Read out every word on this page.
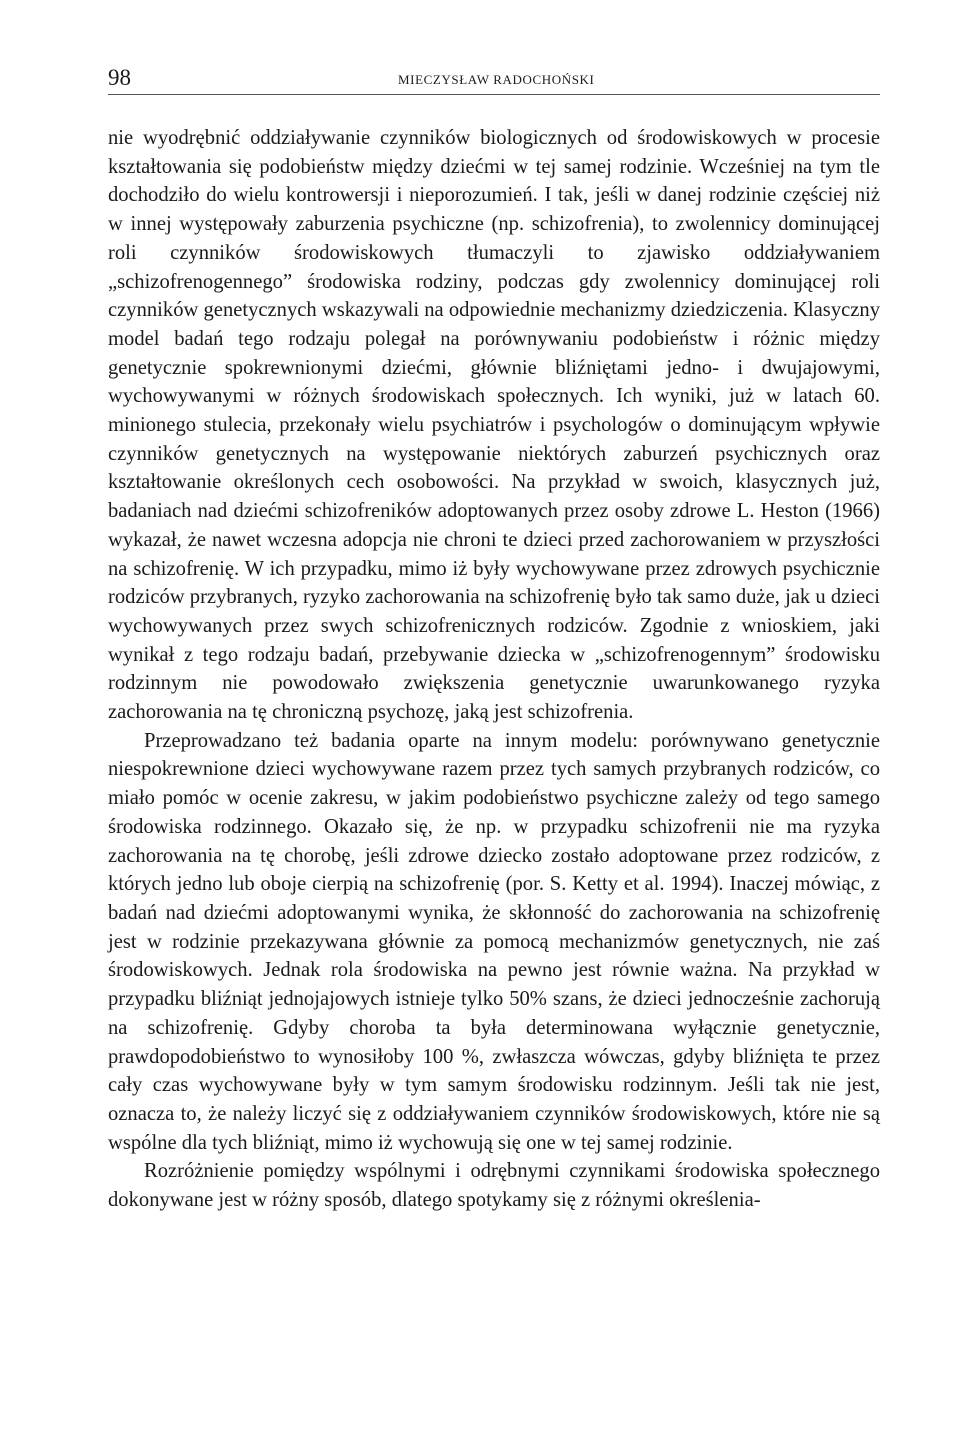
98	MIECZYSŁAW RADOCHOŃSKI

nie wyodrębnić oddziaływanie czynników biologicznych od środowiskowych w procesie kształtowania się podobieństw między dziećmi w tej samej rodzinie. Wcześniej na tym tle dochodziło do wielu kontrowersji i nieporozumień. I tak, jeśli w danej rodzinie częściej niż w innej występowały zaburzenia psychiczne (np. schizofrenia), to zwolennicy dominującej roli czynników środowiskowych tłumaczyli to zjawisko oddziaływaniem „schizofrenogennego” środowiska rodziny, podczas gdy zwolennicy dominującej roli czynników genetycznych wskazywali na odpowiednie mechanizmy dziedziczenia. Klasyczny model badań tego rodzaju polegał na porównywaniu podobieństw i różnic między genetycznie spokrewnionymi dziećmi, głównie bliźniętami jedno- i dwujajowymi, wychowywanymi w różnych środowiskach społecznych. Ich wyniki, już w latach 60. minionego stulecia, przekonały wielu psychiatrów i psychologów o dominującym wpływie czynników genetycznych na występowanie niektórych zaburzeń psychicznych oraz kształtowanie określonych cech osobowości. Na przykład w swoich, klasycznych już, badaniach nad dziećmi schizofreników adoptowanych przez osoby zdrowe L. Heston (1966) wykazał, że nawet wczesna adopcja nie chroni te dzieci przed zachorowaniem w przyszłości na schizofrenię. W ich przypadku, mimo iż były wychowywane przez zdrowych psychicznie rodziców przybranych, ryzyko zachorowania na schizofrenię było tak samo duże, jak u dzieci wychowywanych przez swych schizofrenicznych rodziców. Zgodnie z wnioskiem, jaki wynikał z tego rodzaju badań, przebywanie dziecka w „schizofrenogennym” środowisku rodzinnym nie powodowało zwiększenia genetycznie uwarunkowanego ryzyka zachorowania na tę chroniczną psychozę, jaką jest schizofrenia.

Przeprowadzano też badania oparte na innym modelu: porównywano genetycznie niespokrewnione dzieci wychowywane razem przez tych samych przybranych rodziców, co miało pomóc w ocenie zakresu, w jakim podobieństwo psychiczne zależy od tego samego środowiska rodzinnego. Okazało się, że np. w przypadku schizofrenii nie ma ryzyka zachorowania na tę chorobę, jeśli zdrowe dziecko zostało adoptowane przez rodziców, z których jedno lub oboje cierpią na schizofrenię (por. S. Ketty et al. 1994). Inaczej mówiąc, z badań nad dziećmi adoptowanymi wynika, że skłonność do zachorowania na schizofrenię jest w rodzinie przekazywana głównie za pomocą mechanizmów genetycznych, nie zaś środowiskowych. Jednak rola środowiska na pewno jest równie ważna. Na przykład w przypadku bliźniąt jednojajowych istnieje tylko 50% szans, że dzieci jednocześnie zachorują na schizofrenię. Gdyby choroba ta była determinowana wyłącznie genetycznie, prawdopodobieństwo to wynosiłoby 100 %, zwłaszcza wówczas, gdyby bliźnięta te przez cały czas wychowywane były w tym samym środowisku rodzinnym. Jeśli tak nie jest, oznacza to, że należy liczyć się z oddziaływaniem czynników środowiskowych, które nie są wspólne dla tych bliźniąt, mimo iż wychowują się one w tej samej rodzinie.

Rozróżnienie pomiędzy wspólnymi i odrębnymi czynnikami środowiska społecznego dokonywane jest w różny sposób, dlatego spotykamy się z różnymi określenia-
